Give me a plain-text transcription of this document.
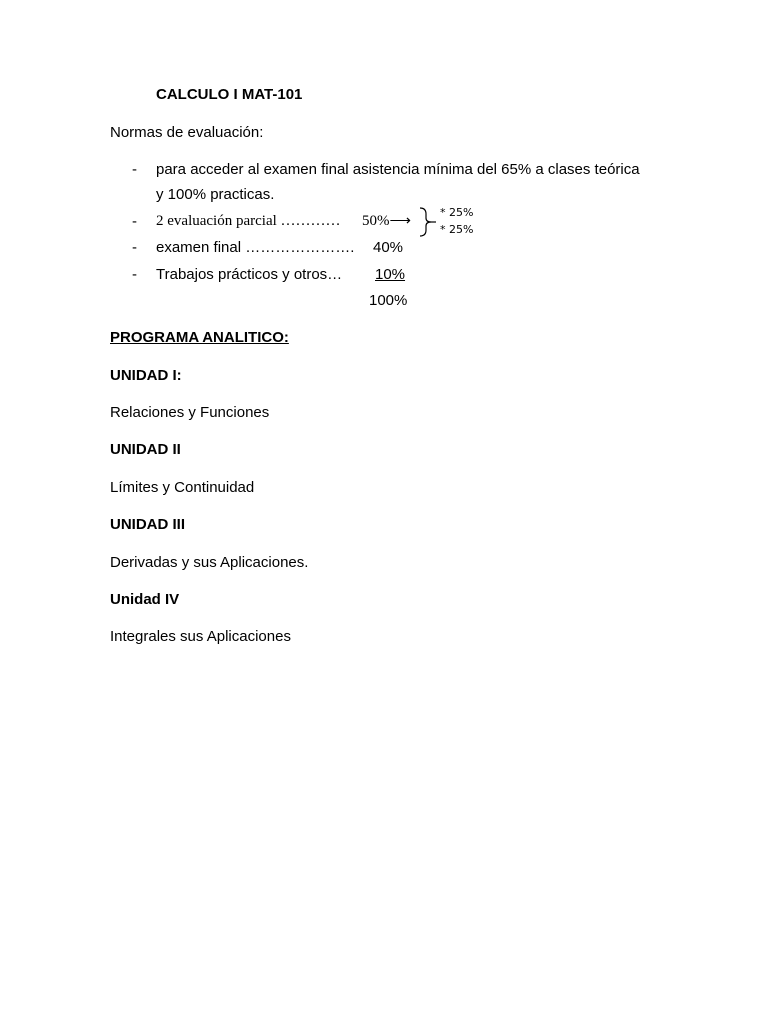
CALCULO I MAT-101
Normas de evaluación:
- para acceder al examen final asistencia mínima del 65% a clases teórica
y 100% practicas.
- 2 evaluación parcial ………… 50%⟶
* 25%
* 25%
- examen final …………………. 40%
- Trabajos prácticos y otros… 10%
100%
PROGRAMA ANALITICO:
UNIDAD I:
Relaciones y Funciones
UNIDAD II
Límites y Continuidad
UNIDAD III
Derivadas y sus Aplicaciones.
Unidad IV
Integrales sus Aplicaciones
